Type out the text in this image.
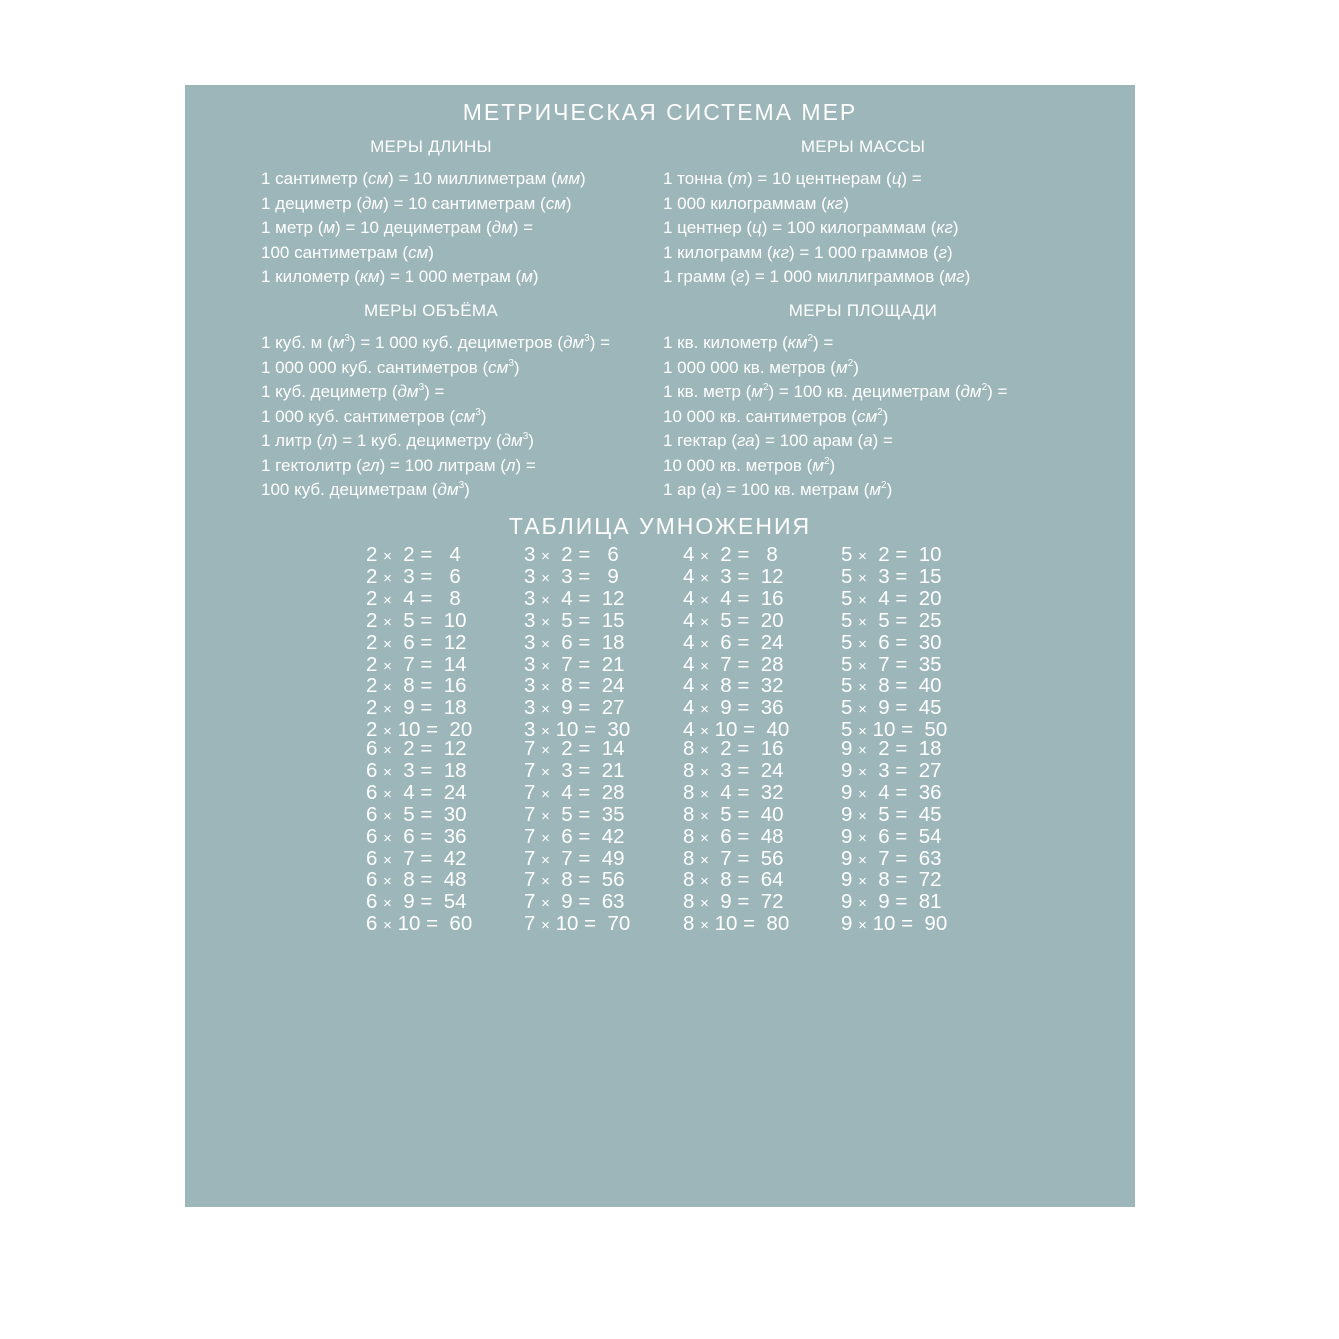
МЕТРИЧЕСКАЯ СИСТЕМА МЕР
МЕРЫ ДЛИНЫ
1 сантиметр (см) = 10 миллиметрам (мм)
1 дециметр (дм) = 10 сантиметрам (см)
1 метр (м) = 10 дециметрам (дм) =
100 сантиметрам (см)
1 километр (км) = 1 000 метрам (м)
МЕРЫ МАССЫ
1 тонна (т) = 10 центнерам (ц) =
1 000 килограммам (кг)
1 центнер (ц) = 100 килограммам (кг)
1 килограмм (кг) = 1 000 граммов (г)
1 грамм (г) = 1 000 миллиграммов (мг)
МЕРЫ ОБЪЁМА
1 куб. м $(м^3) = 1$ 000 куб. дециметров $(дм^3)$ =
1 000 000 куб. сантиметров $(см^3)$
1 куб. дециметр $(дм^3)$ =
1 000 куб. сантиметров $(см^3)$
1 литр (л) = 1 куб. дециметру $(дм^3)$
1 гектолитр (гл) = 100 литрам (л) =
100 куб. дециметрам $(дм^3)$
МЕРЫ ПЛОЩАДИ
1 кв. километр $(км^2)$ =
1 000 000 кв. метров $(м^2)$
1 кв. метр $(м^2) = 100$ кв. дециметрам $(дм^2)$ =
10 000 кв. сантиметров $(см^2)$
1 гектар (га) = 100 арам (а) =
10 000 кв. метров $(м^2)$
1 ар (а) = 100 кв. метрам $(м^2)$
ТАБЛИЦА УМНОЖЕНИЯ
2 ×  2 =   4
2 ×  3 =   6
2 ×  4 =   8
2 ×  5 =  10
2 ×  6 =  12
2 ×  7 =  14
2 ×  8 =  16
2 ×  9 =  18
2 × 10 =  20
3 ×  2 =   6
3 ×  3 =   9
3 ×  4 =  12
3 ×  5 =  15
3 ×  6 =  18
3 ×  7 =  21
3 ×  8 =  24
3 ×  9 =  27
3 × 10 =  30
4 ×  2 =   8
4 ×  3 =  12
4 ×  4 =  16
4 ×  5 =  20
4 ×  6 =  24
4 ×  7 =  28
4 ×  8 =  32
4 ×  9 =  36
4 × 10 =  40
5 ×  2 =  10
5 ×  3 =  15
5 ×  4 =  20
5 ×  5 =  25
5 ×  6 =  30
5 ×  7 =  35
5 ×  8 =  40
5 ×  9 =  45
5 × 10 =  50
6 ×  2 =  12
6 ×  3 =  18
6 ×  4 =  24
6 ×  5 =  30
6 ×  6 =  36
6 ×  7 =  42
6 ×  8 =  48
6 ×  9 =  54
6 × 10 =  60
7 ×  2 =  14
7 ×  3 =  21
7 ×  4 =  28
7 ×  5 =  35
7 ×  6 =  42
7 ×  7 =  49
7 ×  8 =  56
7 ×  9 =  63
7 × 10 =  70
8 ×  2 =  16
8 ×  3 =  24
8 ×  4 =  32
8 ×  5 =  40
8 ×  6 =  48
8 ×  7 =  56
8 ×  8 =  64
8 ×  9 =  72
8 × 10 =  80
9 ×  2 =  18
9 ×  3 =  27
9 ×  4 =  36
9 ×  5 =  45
9 ×  6 =  54
9 ×  7 =  63
9 ×  8 =  72
9 ×  9 =  81
9 × 10 =  90
